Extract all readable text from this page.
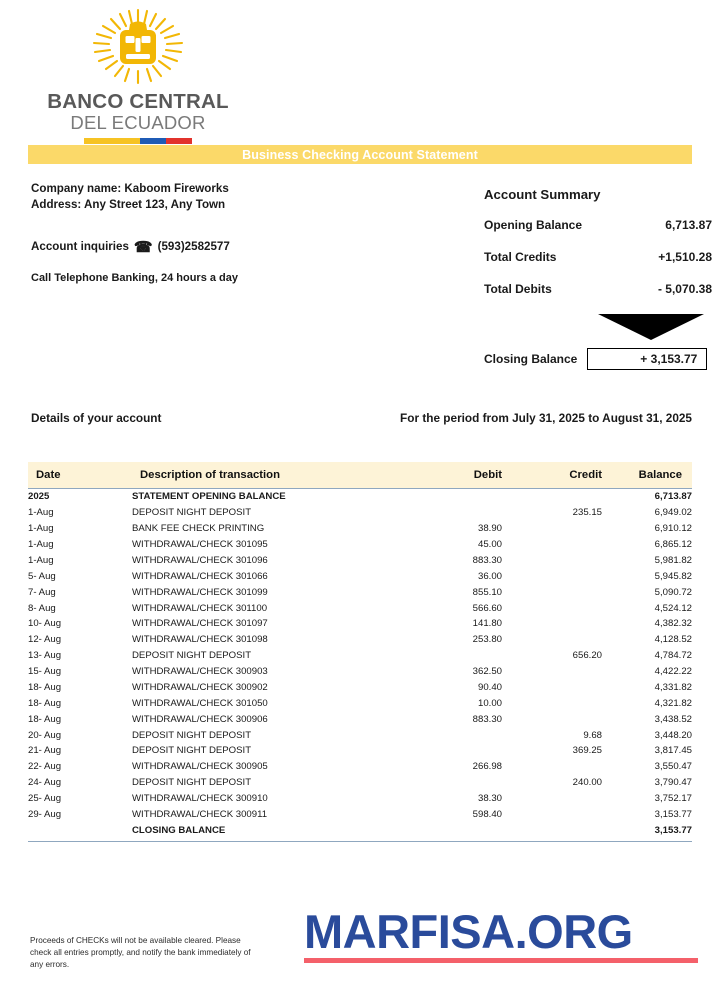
BANCO CENTRAL
DEL ECUADOR
Business Checking Account Statement
Company name: Kaboom Fireworks
Address: Any Street 123, Any Town
Account inquiries ☎ (593)2582577
Call Telephone Banking, 24 hours a day
Account Summary
Opening Balance	6,713.87
Total Credits	+1,510.28
Total Debits	- 5,070.38
Closing Balance	+ 3,153.77
Details of your account	For the period from July 31, 2025 to August 31, 2025
Date	Description of transaction	Debit	Credit	Balance
2025	STATEMENT OPENING BALANCE			6,713.87
1-Aug	DEPOSIT NIGHT DEPOSIT		235.15	6,949.02
1-Aug	BANK FEE CHECK PRINTING	38.90		6,910.12
1-Aug	WITHDRAWAL/CHECK 301095	45.00		6,865.12
1-Aug	WITHDRAWAL/CHECK 301096	883.30		5,981.82
5- Aug	WITHDRAWAL/CHECK 301066	36.00		5,945.82
7- Aug	WITHDRAWAL/CHECK 301099	855.10		5,090.72
8- Aug	WITHDRAWAL/CHECK 301100	566.60		4,524.12
10- Aug	WITHDRAWAL/CHECK 301097	141.80		4,382.32
12- Aug	WITHDRAWAL/CHECK 301098	253.80		4,128.52
13- Aug	DEPOSIT NIGHT DEPOSIT		656.20	4,784.72
15- Aug	WITHDRAWAL/CHECK 300903	362.50		4,422.22
18- Aug	WITHDRAWAL/CHECK 300902	90.40		4,331.82
18- Aug	WITHDRAWAL/CHECK 301050	10.00		4,321.82
18- Aug	WITHDRAWAL/CHECK 300906	883.30		3,438.52
20- Aug	DEPOSIT NIGHT DEPOSIT		9.68	3,448.20
21- Aug	DEPOSIT NIGHT DEPOSIT		369.25	3,817.45
22- Aug	WITHDRAWAL/CHECK 300905	266.98		3,550.47
24- Aug	DEPOSIT NIGHT DEPOSIT		240.00	3,790.47
25- Aug	WITHDRAWAL/CHECK 300910	38.30		3,752.17
29- Aug	WITHDRAWAL/CHECK 300911	598.40		3,153.77
	CLOSING BALANCE			3,153.77
Proceeds of CHECKs will not be available cleared. Please check all entries promptly, and notify the bank immediately of any errors.
MARFISA.ORG
